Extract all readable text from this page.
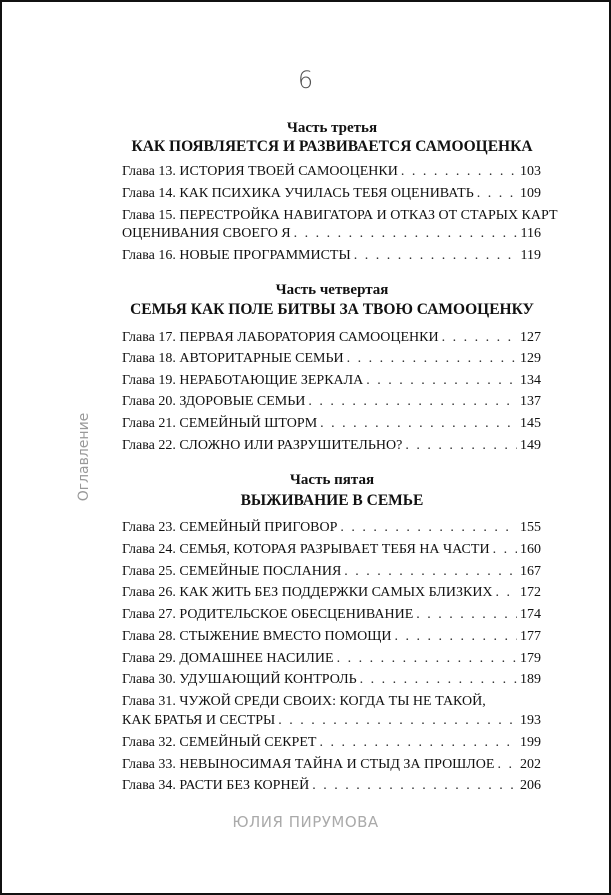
6
Оглавление
Часть третья
КАК ПОЯВЛЯЕТСЯ И РАЗВИВАЕТСЯ САМООЦЕНКА
Глава 13. ИСТОРИЯ ТВОЕЙ САМООЦЕНКИ . . .	103
Глава 14. КАК ПСИХИКА УЧИЛАСЬ ТЕБЯ ОЦЕНИВАТЬ . . .	109
Глава 15. ПЕРЕСТРОЙКА НАВИГАТОРА И ОТКАЗ ОТ СТАРЫХ КАРТ
ОЦЕНИВАНИЯ СВОЕГО Я . . .	116
Глава 16. НОВЫЕ ПРОГРАММИСТЫ . . .	119
Часть четвертая
СЕМЬЯ КАК ПОЛЕ БИТВЫ ЗА ТВОЮ САМООЦЕНКУ
Глава 17. ПЕРВАЯ ЛАБОРАТОРИЯ САМООЦЕНКИ . . .	127
Глава 18. АВТОРИТАРНЫЕ СЕМЬИ . . .	129
Глава 19. НЕРАБОТАЮЩИЕ ЗЕРКАЛА . . .	134
Глава 20. ЗДОРОВЫЕ СЕМЬИ . . .	137
Глава 21. СЕМЕЙНЫЙ ШТОРМ . . .	145
Глава 22. СЛОЖНО ИЛИ РАЗРУШИТЕЛЬНО? . . .	149
Часть пятая
ВЫЖИВАНИЕ В СЕМЬЕ
Глава 23. СЕМЕЙНЫЙ ПРИГОВОР . . .	155
Глава 24. СЕМЬЯ, КОТОРАЯ РАЗРЫВАЕТ ТЕБЯ НА ЧАСТИ . . . 160
Глава 25. СЕМЕЙНЫЕ ПОСЛАНИЯ . . .	167
Глава 26. КАК ЖИТЬ БЕЗ ПОДДЕРЖКИ САМЫХ БЛИЗКИХ . . . 172
Глава 27. РОДИТЕЛЬСКОЕ ОБЕСЦЕНИВАНИЕ . . .	174
Глава 28. СТЫЖЕНИЕ ВМЕСТО ПОМОЩИ . . .	177
Глава 29. ДОМАШНЕЕ НАСИЛИЕ . . .	179
Глава 30. УДУШАЮЩИЙ КОНТРОЛЬ . . .	189
Глава 31. ЧУЖОЙ СРЕДИ СВОИХ: КОГДА ТЫ НЕ ТАКОЙ,
КАК БРАТЬЯ И СЕСТРЫ . . .	193
Глава 32. СЕМЕЙНЫЙ СЕКРЕТ . . .	199
Глава 33. НЕВЫНОСИМАЯ ТАЙНА И СТЫД ЗА ПРОШЛОЕ . . . 202
Глава 34. РАСТИ БЕЗ КОРНЕЙ . . .	206
ЮЛИЯ ПИРУМОВА
